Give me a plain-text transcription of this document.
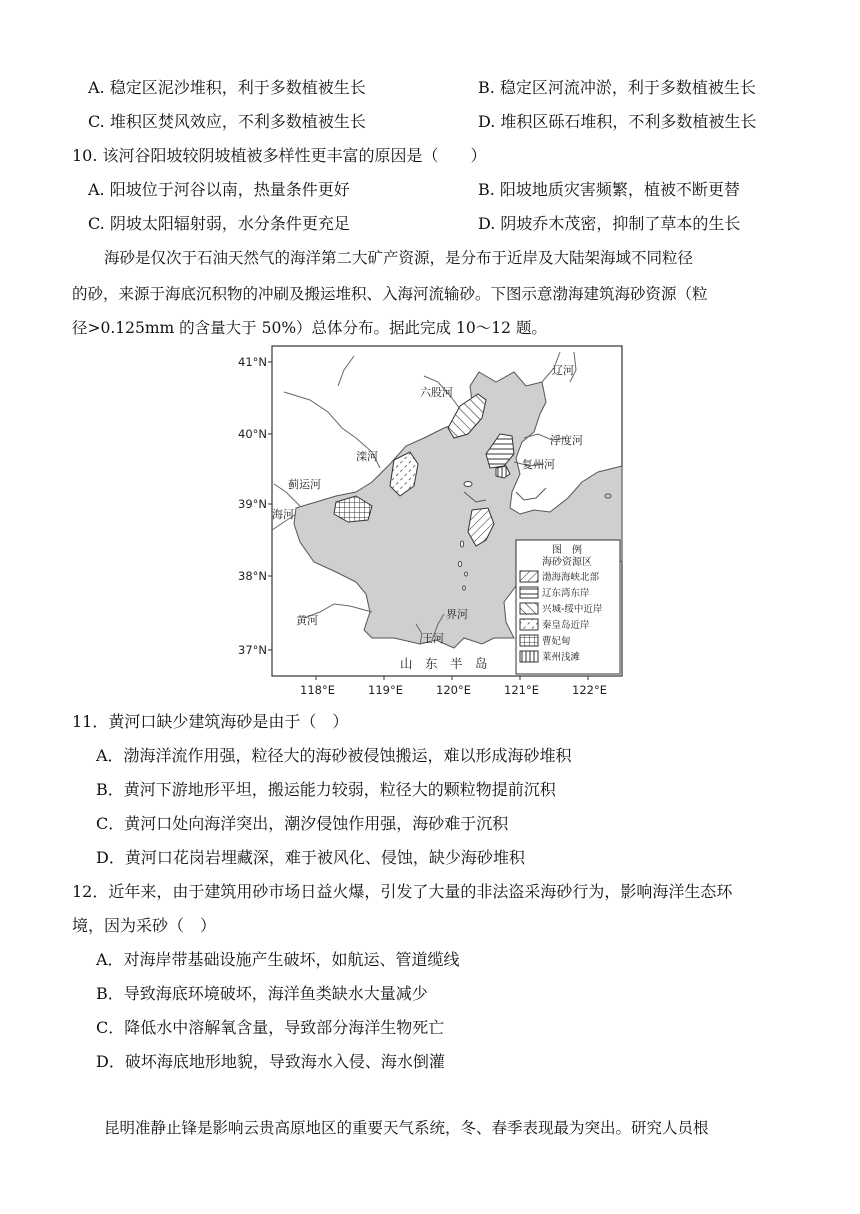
A. 稳定区泥沙堆积，利于多数植被生长	B. 稳定区河流冲淤，利于多数植被生长
C. 堆积区焚风效应，不利多数植被生长	D. 堆积区砾石堆积，不利多数植被生长
10. 该河谷阳坡较阴坡植被多样性更丰富的原因是（　　）
A. 阳坡位于河谷以南，热量条件更好	B. 阳坡地质灾害频繁，植被不断更替
C. 阴坡太阳辐射弱，水分条件更充足	D. 阴坡乔木茂密，抑制了草本的生长
海砂是仅次于石油天然气的海洋第二大矿产资源，是分布于近岸及大陆架海域不同粒径
的砂，来源于海底沉积物的冲刷及搬运堆积、入海河流输砂。下图示意渤海建筑海砂资源（粒
径>0.125mm 的含量大于 50%）总体分布。据此完成 10～12 题。
41°N
40°N
39°N
38°N
37°N
118°E	119°E	120°E	121°E	122°E
辽河
六股河
浮度河
滦河
复州河
蓟运河
海河
黄河	界河
王河
山　东　半　岛
图　例
海砂资源区
渤海海峡北部
辽东湾东岸
兴城-绥中近岸
秦皇岛近岸
曹妃甸
莱州浅滩
11．黄河口缺少建筑海砂是由于（　）
A．渤海洋流作用强，粒径大的海砂被侵蚀搬运，难以形成海砂堆积
B．黄河下游地形平坦，搬运能力较弱，粒径大的颗粒物提前沉积
C．黄河口处向海洋突出，潮汐侵蚀作用强，海砂难于沉积
D．黄河口花岗岩埋藏深，难于被风化、侵蚀，缺少海砂堆积
12．近年来，由于建筑用砂市场日益火爆，引发了大量的非法盗采海砂行为，影响海洋生态环
境，因为采砂（　）
A．对海岸带基础设施产生破坏，如航运、管道缆线
B．导致海底环境破坏，海洋鱼类缺水大量减少
C．降低水中溶解氧含量，导致部分海洋生物死亡
D．破坏海底地形地貌，导致海水入侵、海水倒灌
昆明准静止锋是影响云贵高原地区的重要天气系统，冬、春季表现最为突出。研究人员根
